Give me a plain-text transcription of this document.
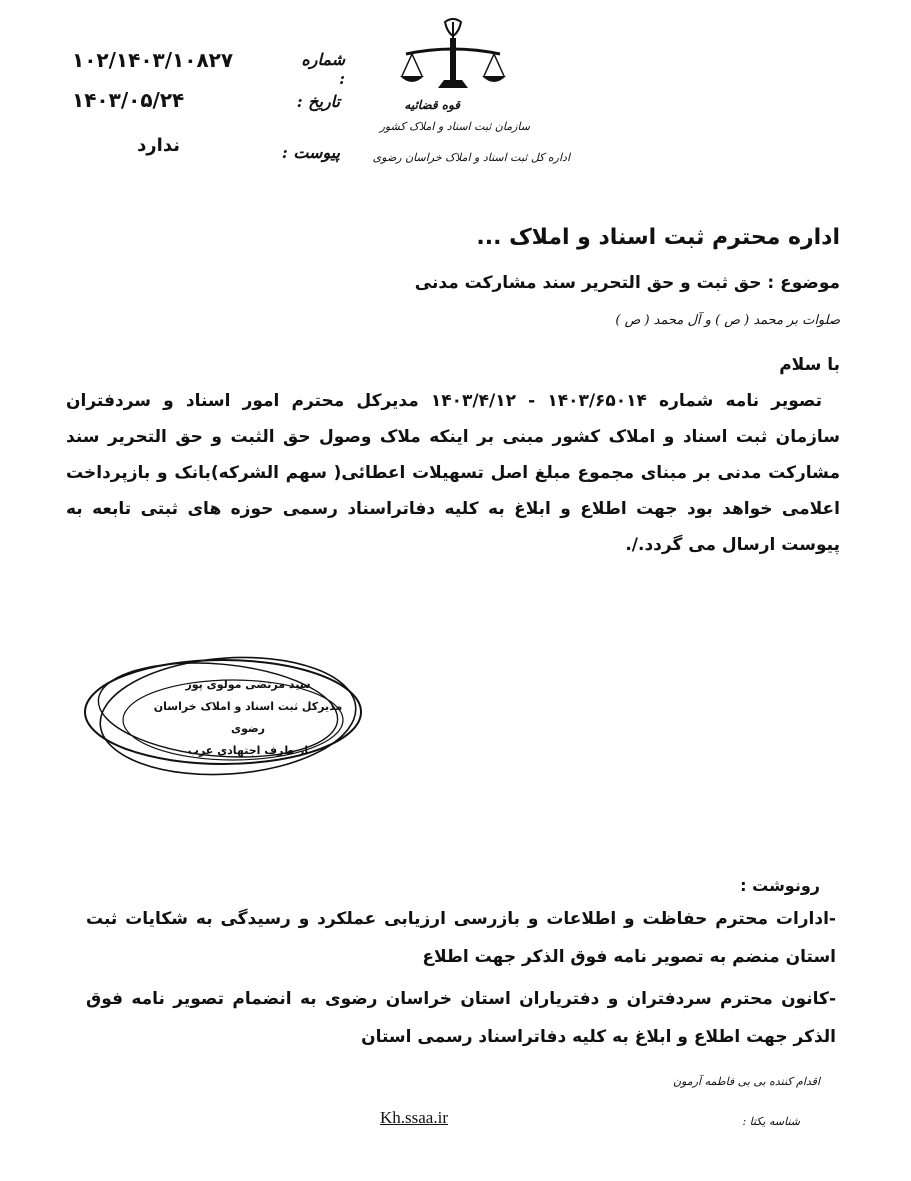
شماره :
۱۰۲/۱۴۰۳/۱۰۸۲۷
تاریخ :
۱۴۰۳/۰۵/۲۴
پیوست :
ندارد
قوه قضائیه
سازمان ثبت اسناد و املاک کشور
اداره کل ثبت اسناد و املاک خراسان رضوی
اداره محترم ثبت اسناد و املاک ...
موضوع : حق ثبت و حق التحریر سند مشارکت مدنی
صلوات بر محمد ( ص ) و آل محمد ( ص )
با سلام
تصویر نامه شماره ۱۴۰۳/۶۵۰۱۴ - ۱۴۰۳/۴/۱۲ مدیرکل محترم امور اسناد و سردفتران سازمان ثبت اسناد و املاک کشور مبنی بر اینکه ملاک وصول حق الثبت و حق التحریر سند مشارکت مدنی بر مبنای مجموع مبلغ اصل تسهیلات اعطائی( سهم الشرکه)بانک و بازپرداخت اعلامی خواهد بود جهت اطلاع و ابلاغ به کلیه دفاتراسناد رسمی حوزه های ثبتی تابعه به پیوست ارسال می گردد./.
سید مرتضی مولوی پور
مدیرکل ثبت اسناد و املاک خراسان رضوی
از طرف اجتهادی عرب
رونوشت :
-ادارات محترم حفاظت و اطلاعات و بازرسی ارزیابی عملکرد و رسیدگی به شکایات ثبت استان منضم به تصویر نامه فوق الذکر جهت اطلاع
-کانون محترم سردفتران و دفتریاران استان خراسان رضوی به انضمام تصویر نامه فوق الذکر جهت اطلاع و ابلاغ به کلیه دفاتراسناد رسمی استان
اقدام کننده بی بی فاطمه آرمون
شناسه یکتا :
Kh.ssaa.ir
